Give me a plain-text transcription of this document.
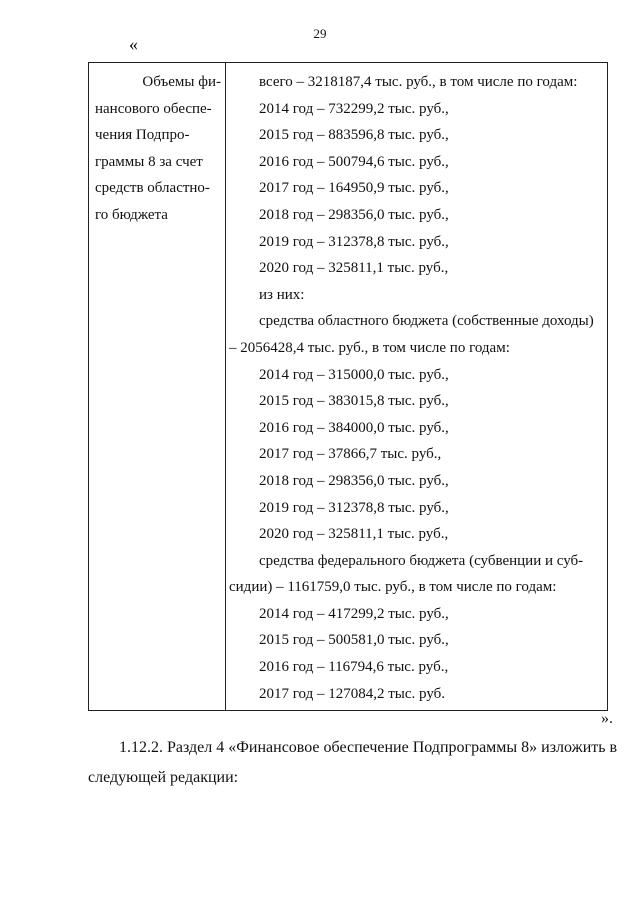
29
«
Объемы фи-
нансового обеспе-
чения Подпро-
граммы 8 за счет
средств областно-
го бюджета
всего – 3218187,4 тыс. руб., в том числе по годам:
2014 год – 732299,2 тыс. руб.,
2015 год – 883596,8 тыс. руб.,
2016 год – 500794,6 тыс. руб.,
2017 год – 164950,9 тыс. руб.,
2018 год – 298356,0 тыс. руб.,
2019 год – 312378,8 тыс. руб.,
2020 год – 325811,1 тыс. руб.,
из них:
средства областного бюджета (собственные доходы)
– 2056428,4 тыс. руб., в том числе по годам:
2014 год – 315000,0 тыс. руб.,
2015 год – 383015,8 тыс. руб.,
2016 год – 384000,0 тыс. руб.,
2017 год – 37866,7 тыс. руб.,
2018 год – 298356,0 тыс. руб.,
2019 год – 312378,8 тыс. руб.,
2020 год – 325811,1 тыс. руб.,
средства федерального бюджета (субвенции и суб-
сидии) – 1161759,0 тыс. руб., в том числе по годам:
2014 год – 417299,2 тыс. руб.,
2015 год – 500581,0 тыс. руб.,
2016 год – 116794,6 тыс. руб.,
2017 год – 127084,2 тыс. руб.
».
1.12.2. Раздел 4 «Финансовое обеспечение Подпрограммы 8» изложить в
следующей редакции:
